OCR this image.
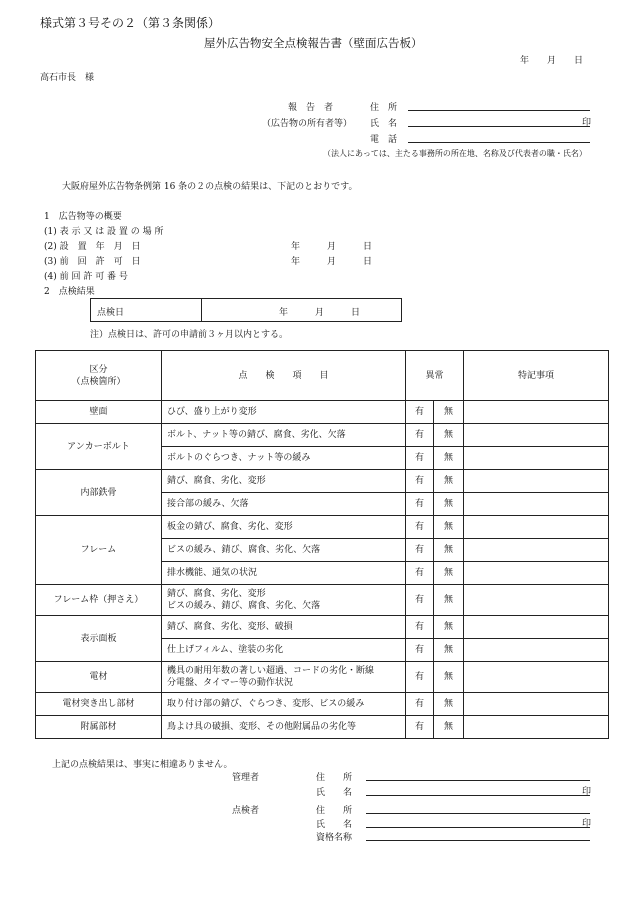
様式第３号その２（第３条関係）
屋外広告物安全点検報告書（壁面広告板）
年　　月　　日
高石市長　様
報　告　者
（広告物の所有者等）
住　所
氏　名	印
電　話
（法人にあっては、主たる事務所の所在地、名称及び代表者の職・氏名）
大阪府屋外広告物条例第 16 条の２の点検の結果は、下記のとおりです。
1　広告物等の概要
(1) 表 示 又 は 設 置 の 場 所
(2) 設　置　年　月　日	年　　　月　　　日
(3) 前　回　許　可　日	年　　　月　　　日
(4) 前 回 許 可 番 号
2　点検結果
点検日	年　　　月　　　日
注）点検日は、許可の申請前３ヶ月以内とする。
区分
（点検箇所）	点　　検　　項　　目	異常		特記事項
壁面	ひび、盛り上がり変形	有	無	
アンカーボルト	ボルト、ナット等の錆び、腐食、劣化、欠落	有	無	
	ボルトのぐらつき、ナット等の緩み	有	無	
内部鉄骨	錆び、腐食、劣化、変形	有	無	
	接合部の緩み、欠落	有	無	
フレーム	板金の錆び、腐食、劣化、変形	有	無	
	ビスの緩み、錆び、腐食、劣化、欠落	有	無	
	排水機能、通気の状況	有	無	
フレーム枠（押さえ）	錆び、腐食、劣化、変形
ビスの緩み、錆び、腐食、劣化、欠落	有	無	
表示面板	錆び、腐食、劣化、変形、破損	有	無	
	仕上げフィルム、塗装の劣化	有	無	
電材	機具の耐用年数の著しい超過、コードの劣化・断線
分電盤、タイマー等の動作状況	有	無	
電材突き出し部材	取り付け部の錆び、ぐらつき、変形、ビスの緩み	有	無	
附属部材	鳥よけ具の破損、変形、その他附属品の劣化等	有	無	
上記の点検結果は、事実に相違ありません。
管理者	住　　所
氏　　名	印
点検者	住　　所
氏　　名	印
資格名称
